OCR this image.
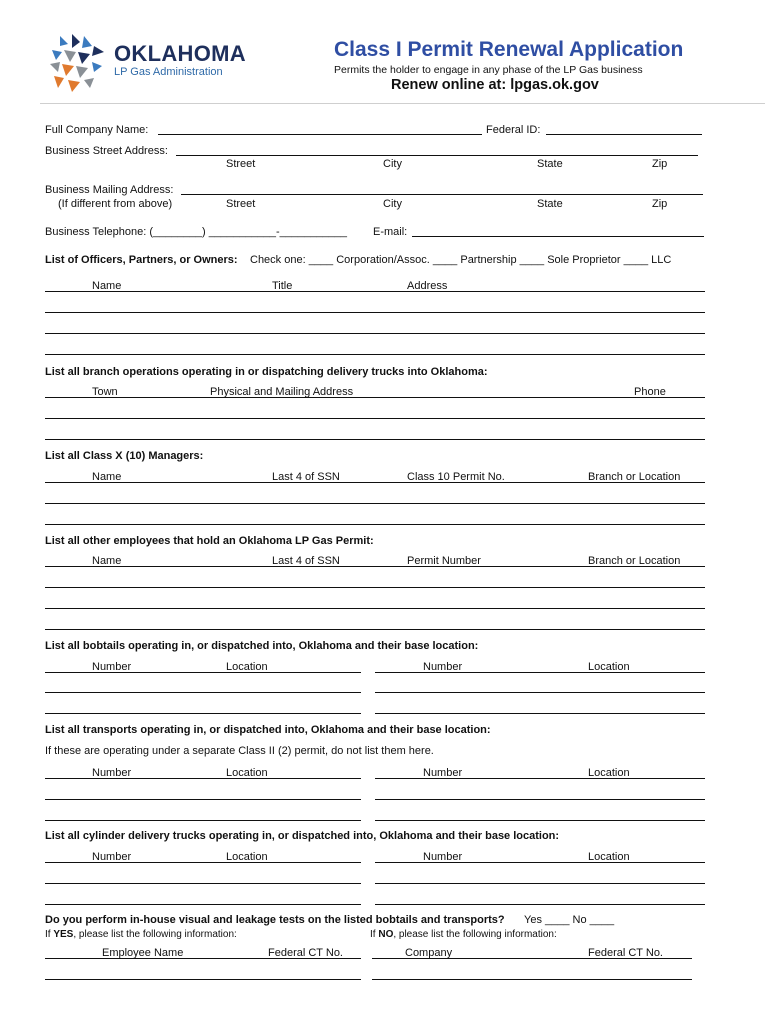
OKLAHOMA
LP Gas Administration
Class I Permit Renewal Application
Permits the holder to engage in any phase of the LP Gas business
Renew online at: lpgas.ok.gov
Full Company Name:	Federal ID:
Business Street Address:
Street	City	State	Zip
Business Mailing Address:
(If different from above)	Street	City	State	Zip
Business Telephone: (________) ___________-___________ E-mail:
List of Officers, Partners, or Owners: Check one: ____ Corporation/Assoc. ____ Partnership ____ Sole Proprietor ____ LLC
Name	Title	Address
List all branch operations operating in or dispatching delivery trucks into Oklahoma:
Town	Physical and Mailing Address	Phone
List all Class X (10) Managers:
Name	Last 4 of SSN	Class 10 Permit No.	Branch or Location
List all other employees that hold an Oklahoma LP Gas Permit:
Name	Last 4 of SSN	Permit Number	Branch or Location
List all bobtails operating in, or dispatched into, Oklahoma and their base location:
Number	Location	Number	Location
List all transports operating in, or dispatched into, Oklahoma and their base location:
If these are operating under a separate Class II (2) permit, do not list them here.
Number	Location	Number	Location
List all cylinder delivery trucks operating in, or dispatched into, Oklahoma and their base location:
Number	Location	Number	Location
Do you perform in-house visual and leakage tests on the listed bobtails and transports? Yes ____ No ____
If YES, please list the following information:	If NO, please list the following information:
Employee Name	Federal CT No.	Company	Federal CT No.
